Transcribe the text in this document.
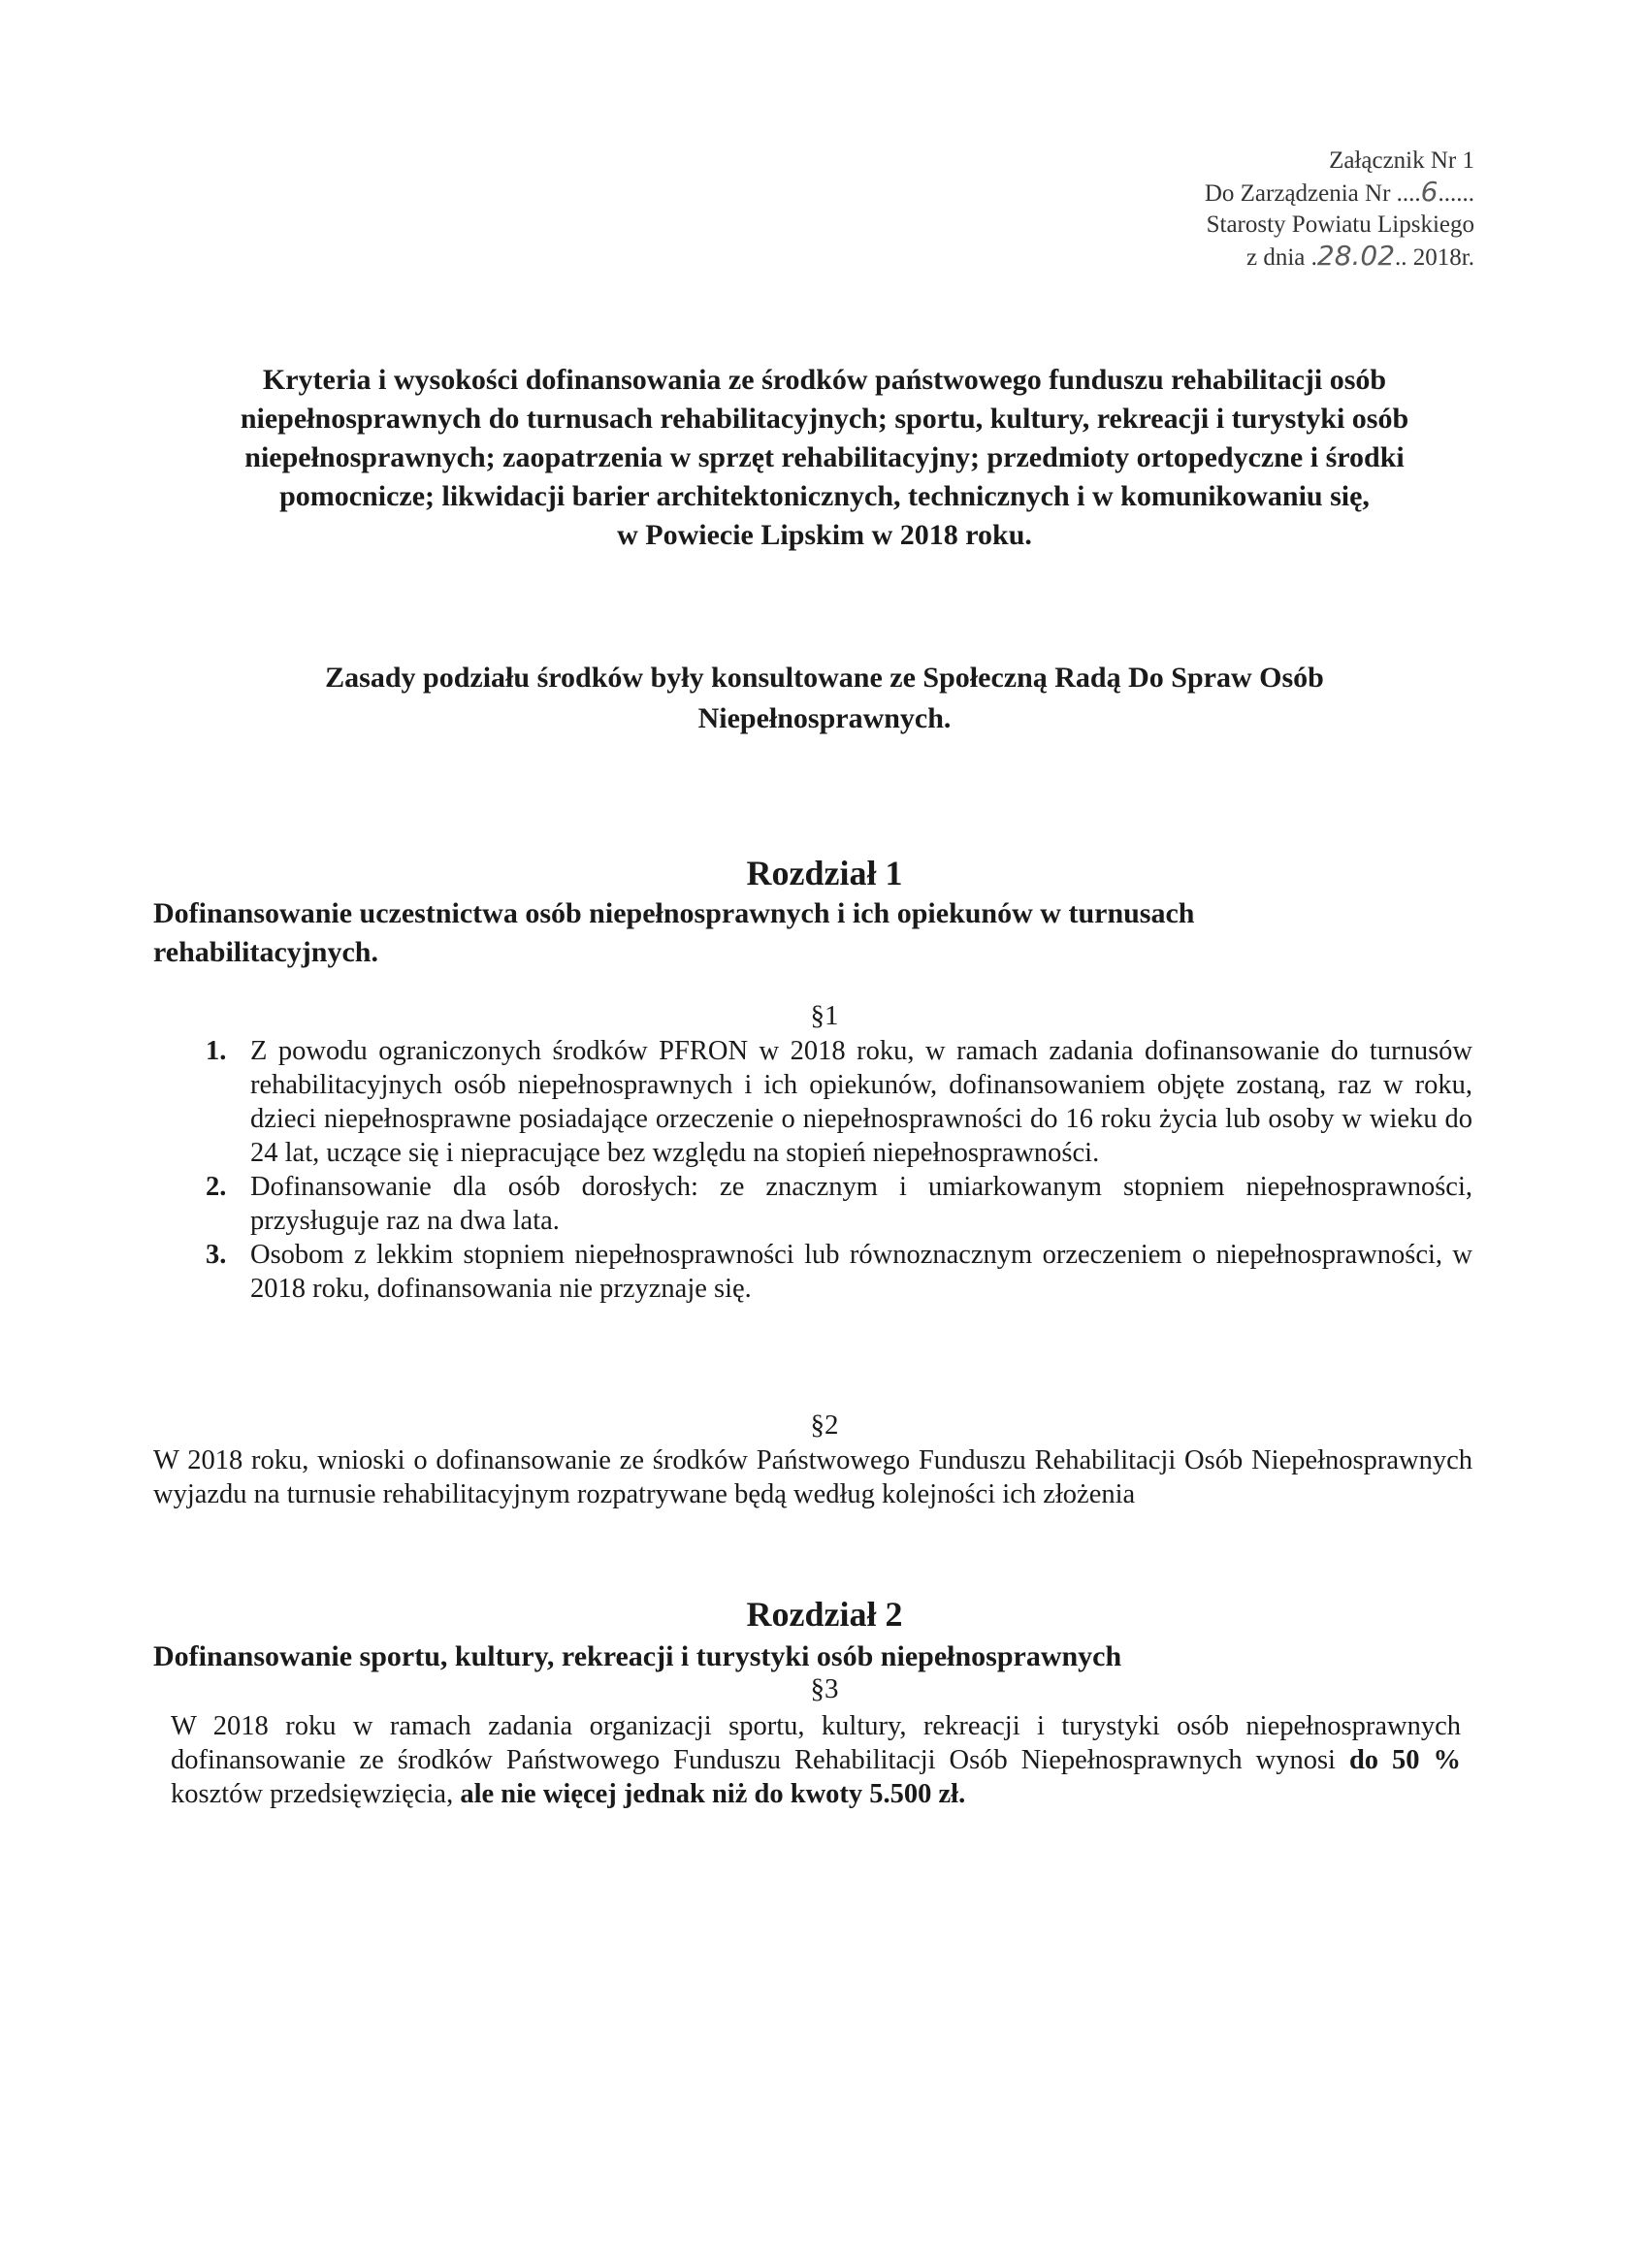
Załącznik Nr 1
Do Zarządzenia Nr ....6......
Starosty Powiatu Lipskiego
z dnia .28.02.. 2018r.
Kryteria i wysokości dofinansowania ze środków państwowego funduszu rehabilitacji osób
niepełnosprawnych do turnusach rehabilitacyjnych; sportu, kultury, rekreacji i turystyki osób
niepełnosprawnych; zaopatrzenia w sprzęt rehabilitacyjny; przedmioty ortopedyczne i środki
pomocnicze; likwidacji barier architektonicznych, technicznych i w komunikowaniu się,
w Powiecie Lipskim w 2018 roku.
Zasady podziału środków były konsultowane ze Społeczną Radą Do Spraw Osób
Niepełnosprawnych.
Rozdział 1
Dofinansowanie uczestnictwa osób niepełnosprawnych i ich opiekunów w turnusach
rehabilitacyjnych.
§1
1. Z powodu ograniczonych środków PFRON w 2018 roku, w ramach zadania dofinansowanie do turnusów rehabilitacyjnych osób niepełnosprawnych i ich opiekunów, dofinansowaniem objęte zostaną, raz w roku, dzieci niepełnosprawne posiadające orzeczenie o niepełnosprawności do 16 roku życia lub osoby w wieku do 24 lat, uczące się i niepracujące bez względu na stopień niepełnosprawności.
2. Dofinansowanie dla osób dorosłych: ze znacznym i umiarkowanym stopniem niepełnosprawności, przysługuje raz na dwa lata.
3. Osobom z lekkim stopniem niepełnosprawności lub równoznacznym orzeczeniem o niepełnosprawności, w 2018 roku, dofinansowania nie przyznaje się.
§2
W 2018 roku, wnioski o dofinansowanie ze środków Państwowego Funduszu Rehabilitacji Osób Niepełnosprawnych wyjazdu na turnusie rehabilitacyjnym rozpatrywane będą według kolejności ich złożenia
Rozdział 2
Dofinansowanie sportu, kultury, rekreacji i turystyki osób niepełnosprawnych
§3
W 2018 roku w ramach zadania organizacji sportu, kultury, rekreacji i turystyki osób niepełnosprawnych dofinansowanie ze środków Państwowego Funduszu Rehabilitacji Osób Niepełnosprawnych wynosi do 50 % kosztów przedsięwzięcia, ale nie więcej jednak niż do kwoty 5.500 zł.
